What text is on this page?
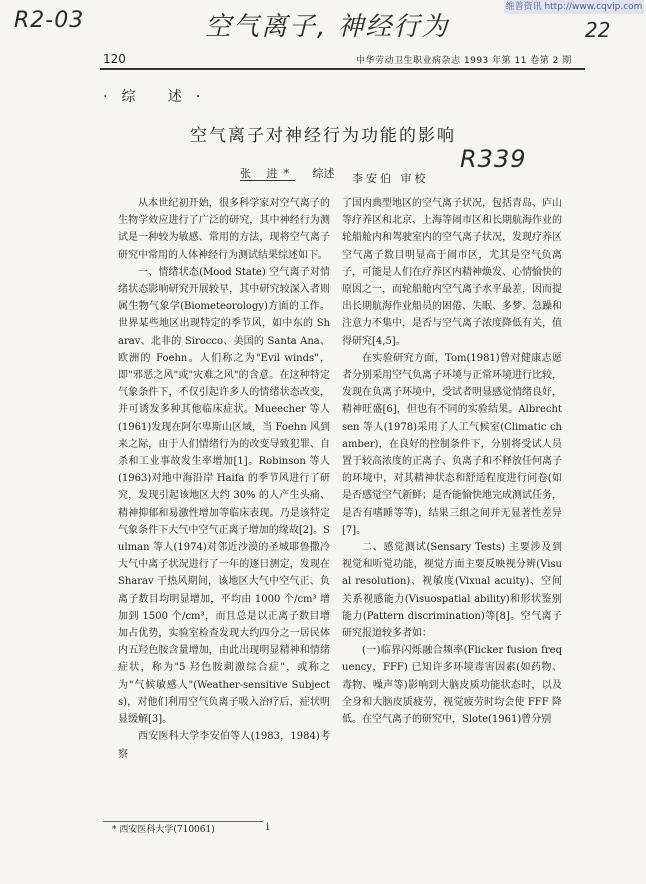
R2-03	空气离子, 神经行为	22
维普资讯 http://www.cqvip.com
120	中华劳动卫生职业病杂志 1993 年第 11 卷第 2 期
·综 述·
空气离子对神经行为功能的影响
张 进* 综述	李安伯 审校
R339

从本世纪初开始，很多科学家对空气离子的生物学效应进行了广泛的研究，其中神经行为测试是一种较为敏感、常用的方法，现将空气离子研究中常用的人体神经行为测试结果综述如下。

一、情绪状态(Mood State) 空气离子对情绪状态影响研究开展较早，其中研究较深入者则属生物气象学(Biometeorology)方面的工作。世界某些地区出现特定的季节风，如中东的 Sharav、北非的 Sirocco、美国的 Santa Ana、欧洲的 Foehn。人们称之为"Evil winds"，即"邪恶之风"或"灾难之风"的含意。在这种特定气象条件下，不仅引起许多人的情绪状态改变，并可诱发多种其他临床症状。Mueecher 等人(1961)发现在阿尔卑斯山区域，当 Foehn 风到来之际，由于人们情绪行为的改变导致犯罪、自杀和工业事故发生率增加[1]。Robinson 等人(1963)对地中海沿岸 Haifa 的季节风进行了研究，发现引起该地区大约 30% 的人产生头痛、精神抑郁和易激性增加等临床表现。乃是该特定气象条件下大气中空气正离子增加的缘故[2]。Sulman 等人(1974)对邻近沙漠的圣城耶鲁撒冷大气中离子状况进行了一年的逐日测定，发现在 Sharav 干热风期间，该地区大气中空气正、负离子数目均明显增加，平均由 1000 个/cm³ 增加到 1500 个/cm³，而且总是以正离子数目增加占优势，实验室检查发现大约四分之一居民体内五羟色胺含量增加，由此出现明显精神和情绪症状，称为"5 羟色胺刺激综合症"，或称之为"气候敏感人"(Weather-sensitive Subjects)，对他们利用空气负离子吸入治疗后，症状明显缓解[3]。

西安医科大学李安伯等人(1983，1984)考察

了国内典型地区的空气离子状况，包括青岛、庐山等疗养区和北京、上海等闹市区和长期航海作业的轮船舱内和驾驶室内的空气离子状况，发现疗养区空气离子数目明显高于闹市区，尤其是空气负离子，可能是人们在疗养区内精神焕发、心情愉快的原因之一，而轮船舱内空气离子水平最差，因而提出长期航海作业船员的困倦、失眠、多梦、急躁和注意力不集中，是否与空气离子浓度降低有关，值得研究[4,5]。

在实验研究方面，Tom(1981)曾对健康志愿者分别采用空气负离子环境与正常环境进行比较，发现在负离子环境中，受试者明显感觉情绪良好，精神旺盛[6]，但也有不同的实验结果。Albrechtsen 等人(1978)采用了人工气候室(Climatic chamber)，在良好的控制条件下，分别将受试人员置于较高浓度的正离子、负离子和不释放任何离子的环境中，对其精神状态和舒适程度进行问卷(如是否感觉空气新鲜；是否能愉快地完成测试任务，是否有嗜睡等等)，结果三组之间并无显著性差异[7]。

二、感觉测试(Sensary Tests) 主要涉及到视觉和听觉功能，视觉方面主要反映视分辨(Visual resolution)、视敏度(Vixual acuity)、空间关系视感能力(Visuospatial ability)和形状鉴别能力(Pattern discrimination)等[8]。空气离子研究报道较多者如：

(一)临界闪烁融合频率(Flicker fusion frequency，FFF) 已知许多环境毒害因素(如药物、毒物、噪声等)影响到大脑皮质功能状态时，以及全身和大脑皮质疲劳，视觉疲劳时均会使 FFF 降低。在空气离子的研究中，Slote(1961)曾分别

* 西安医科大学(710061)	i
